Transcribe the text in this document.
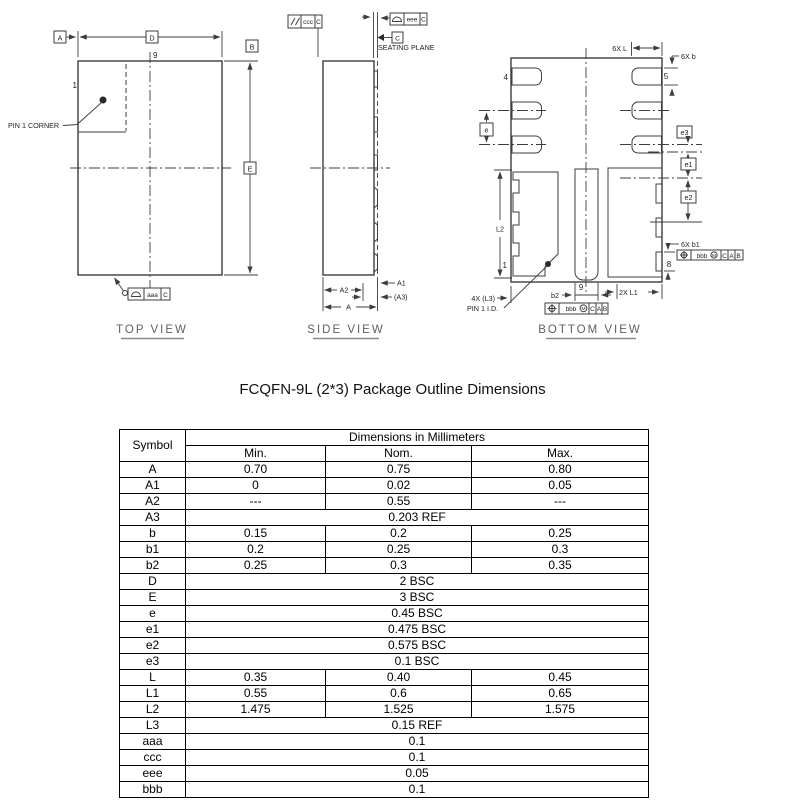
PIN 1 CORNER
9
1
D
A
B
E
aaa C
TOP VIEW
ccc C	eee C
C
SEATING PLANE
A2
A1
(A3)
A
SIDE VIEW
4	5
1	8
9
6X L
6X b
e	e3
e1
e2
L2
4X (L3)
PIN 1 I.D.
b2
bbb M C A B
2X L1
6X b1
bbb M C A B
BOTTOM VIEW
FCQFN-9L (2*3) Package Outline Dimensions
Symbol	Dimensions in Millimeters		
	Min.	Nom.	Max.
A	0.70	0.75	0.80
A1	0	0.02	0.05
A2	---	0.55	---
A3	0.203 REF		
b	0.15	0.2	0.25
b1	0.2	0.25	0.3
b2	0.25	0.3	0.35
D	2 BSC		
E	3 BSC		
e	0.45 BSC		
e1	0.475 BSC		
e2	0.575 BSC		
e3	0.1 BSC		
L	0.35	0.40	0.45
L1	0.55	0.6	0.65
L2	1.475	1.525	1.575
L3	0.15 REF		
aaa	0.1		
ccc	0.1		
eee	0.05		
bbb	0.1		
